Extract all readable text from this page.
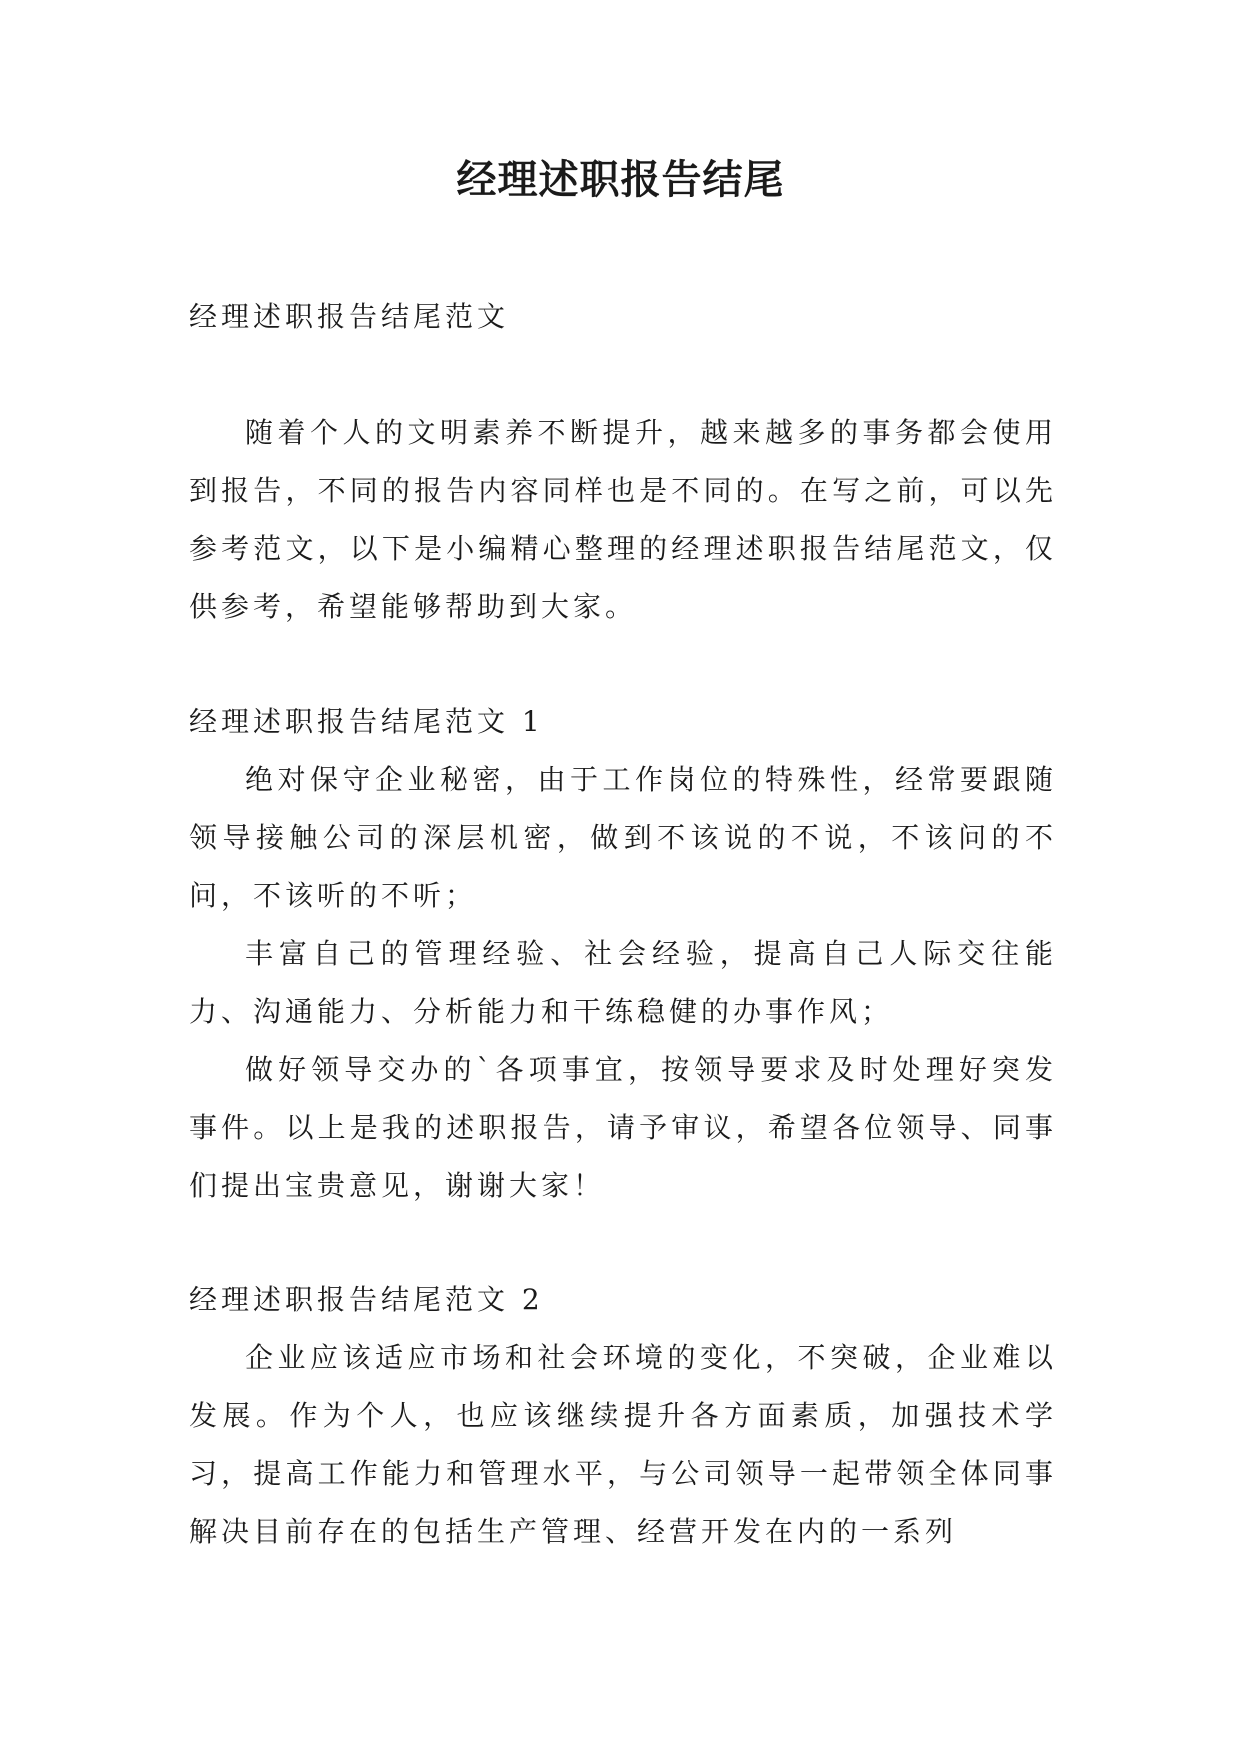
经理述职报告结尾

经理述职报告结尾范文

随着个人的文明素养不断提升，越来越多的事务都会使用到报告，不同的报告内容同样也是不同的。在写之前，可以先参考范文，以下是小编精心整理的经理述职报告结尾范文，仅供参考，希望能够帮助到大家。

经理述职报告结尾范文 1

绝对保守企业秘密，由于工作岗位的特殊性，经常要跟随领导接触公司的深层机密，做到不该说的不说，不该问的不问，不该听的不听；

丰富自己的管理经验、社会经验，提高自己人际交往能力、沟通能力、分析能力和干练稳健的办事作风；

做好领导交办的`各项事宜，按领导要求及时处理好突发事件。以上是我的述职报告，请予审议，希望各位领导、同事们提出宝贵意见，谢谢大家！

经理述职报告结尾范文 2

企业应该适应市场和社会环境的变化，不突破，企业难以发展。作为个人，也应该继续提升各方面素质，加强技术学习，提高工作能力和管理水平，与公司领导一起带领全体同事解决目前存在的包括生产管理、经营开发在内的一系列
